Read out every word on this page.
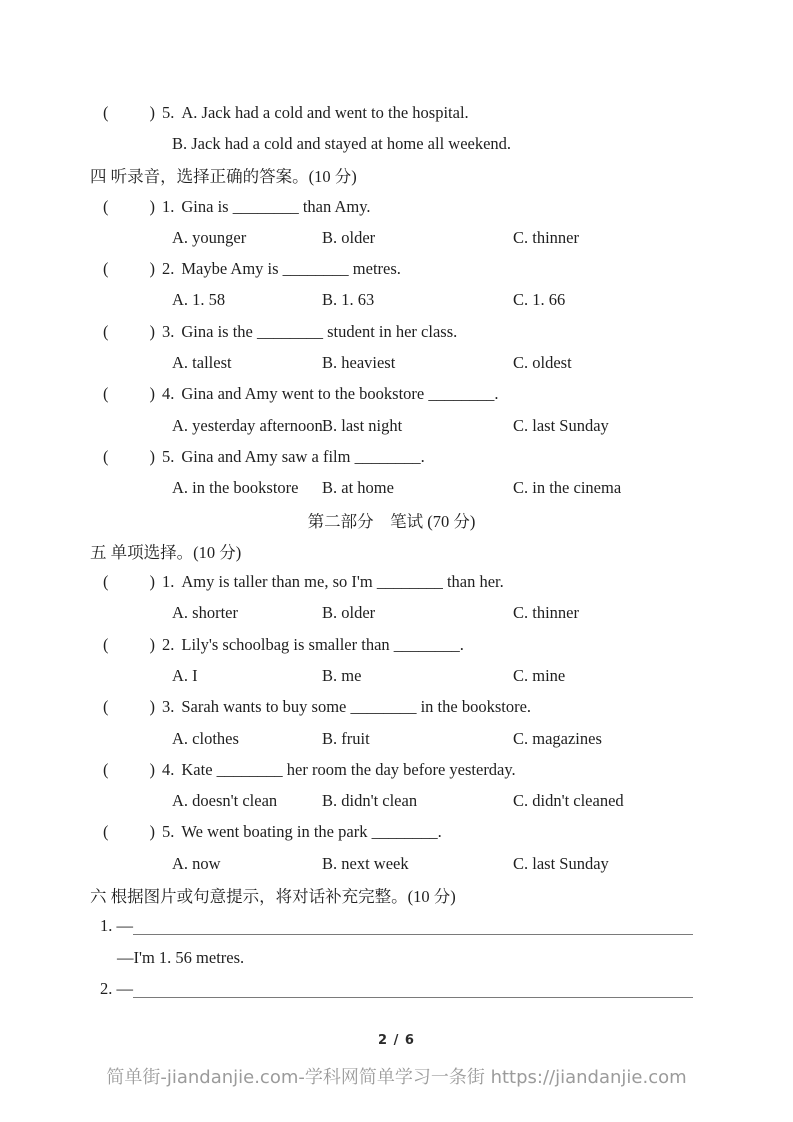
( ) 5. A. Jack had a cold and went to the hospital.
B. Jack had a cold and stayed at home all weekend.
四 听录音，选择正确的答案。(10 分)
( ) 1. Gina is ________ than Amy.
A. younger	B. older	C. thinner
( ) 2. Maybe Amy is ________ metres.
A. 1. 58	B. 1. 63	C. 1. 66
( ) 3. Gina is the ________ student in her class.
A. tallest	B. heaviest	C. oldest
( ) 4. Gina and Amy went to the bookstore ________.
A. yesterday afternoon B. last night	C. last Sunday
( ) 5. Gina and Amy saw a film ________.
A. in the bookstore	B. at home	C. in the cinema
第二部分　笔试 (70 分)
五 单项选择。(10 分)
( ) 1. Amy is taller than me, so I'm ________ than her.
A. shorter	B. older	C. thinner
( ) 2. Lily's schoolbag is smaller than ________.
A. I	B. me	C. mine
( ) 3. Sarah wants to buy some ________ in the bookstore.
A. clothes	B. fruit	C. magazines
( ) 4. Kate ________ her room the day before yesterday.
A. doesn't clean	B. didn't clean	C. didn't cleaned
( ) 5. We went boating in the park ________.
A. now	B. next week	C. last Sunday
六 根据图片或句意提示，将对话补充完整。(10 分)
1. —
—I'm 1. 56 metres.
2. —
2 / 6
简单街-jiandanjie.com-学科网简单学习一条街 https://jiandanjie.com
